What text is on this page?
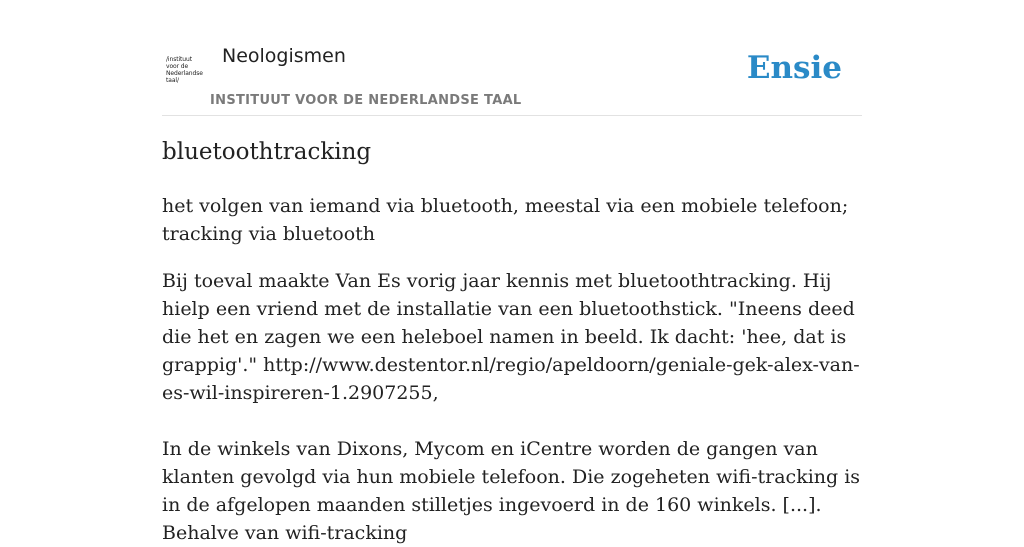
/instituut
voor de
Nederlandse
taal/
Neologismen
INSTITUUT VOOR DE NEDERLANDSE TAAL
Ensie
bluetoothtracking

het volgen van iemand via bluetooth, meestal via een mobiele telefoon; tracking via bluetooth

Bij toeval maakte Van Es vorig jaar kennis met bluetoothtracking. Hij hielp een vriend met de installatie van een bluetoothstick. "Ineens deed die het en zagen we een heleboel namen in beeld. Ik dacht: 'hee, dat is grappig'." http://www.destentor.nl/regio/apeldoorn/geniale-gek-alex-van-es-wil-inspireren-1.2907255,

In de winkels van Dixons, Mycom en iCentre worden de gangen van klanten gevolgd via hun mobiele telefoon. Die zogeheten wifi-tracking is in de afgelopen maanden stilletjes ingevoerd in de 160 winkels. [...]. Behalve van wifi-tracking
